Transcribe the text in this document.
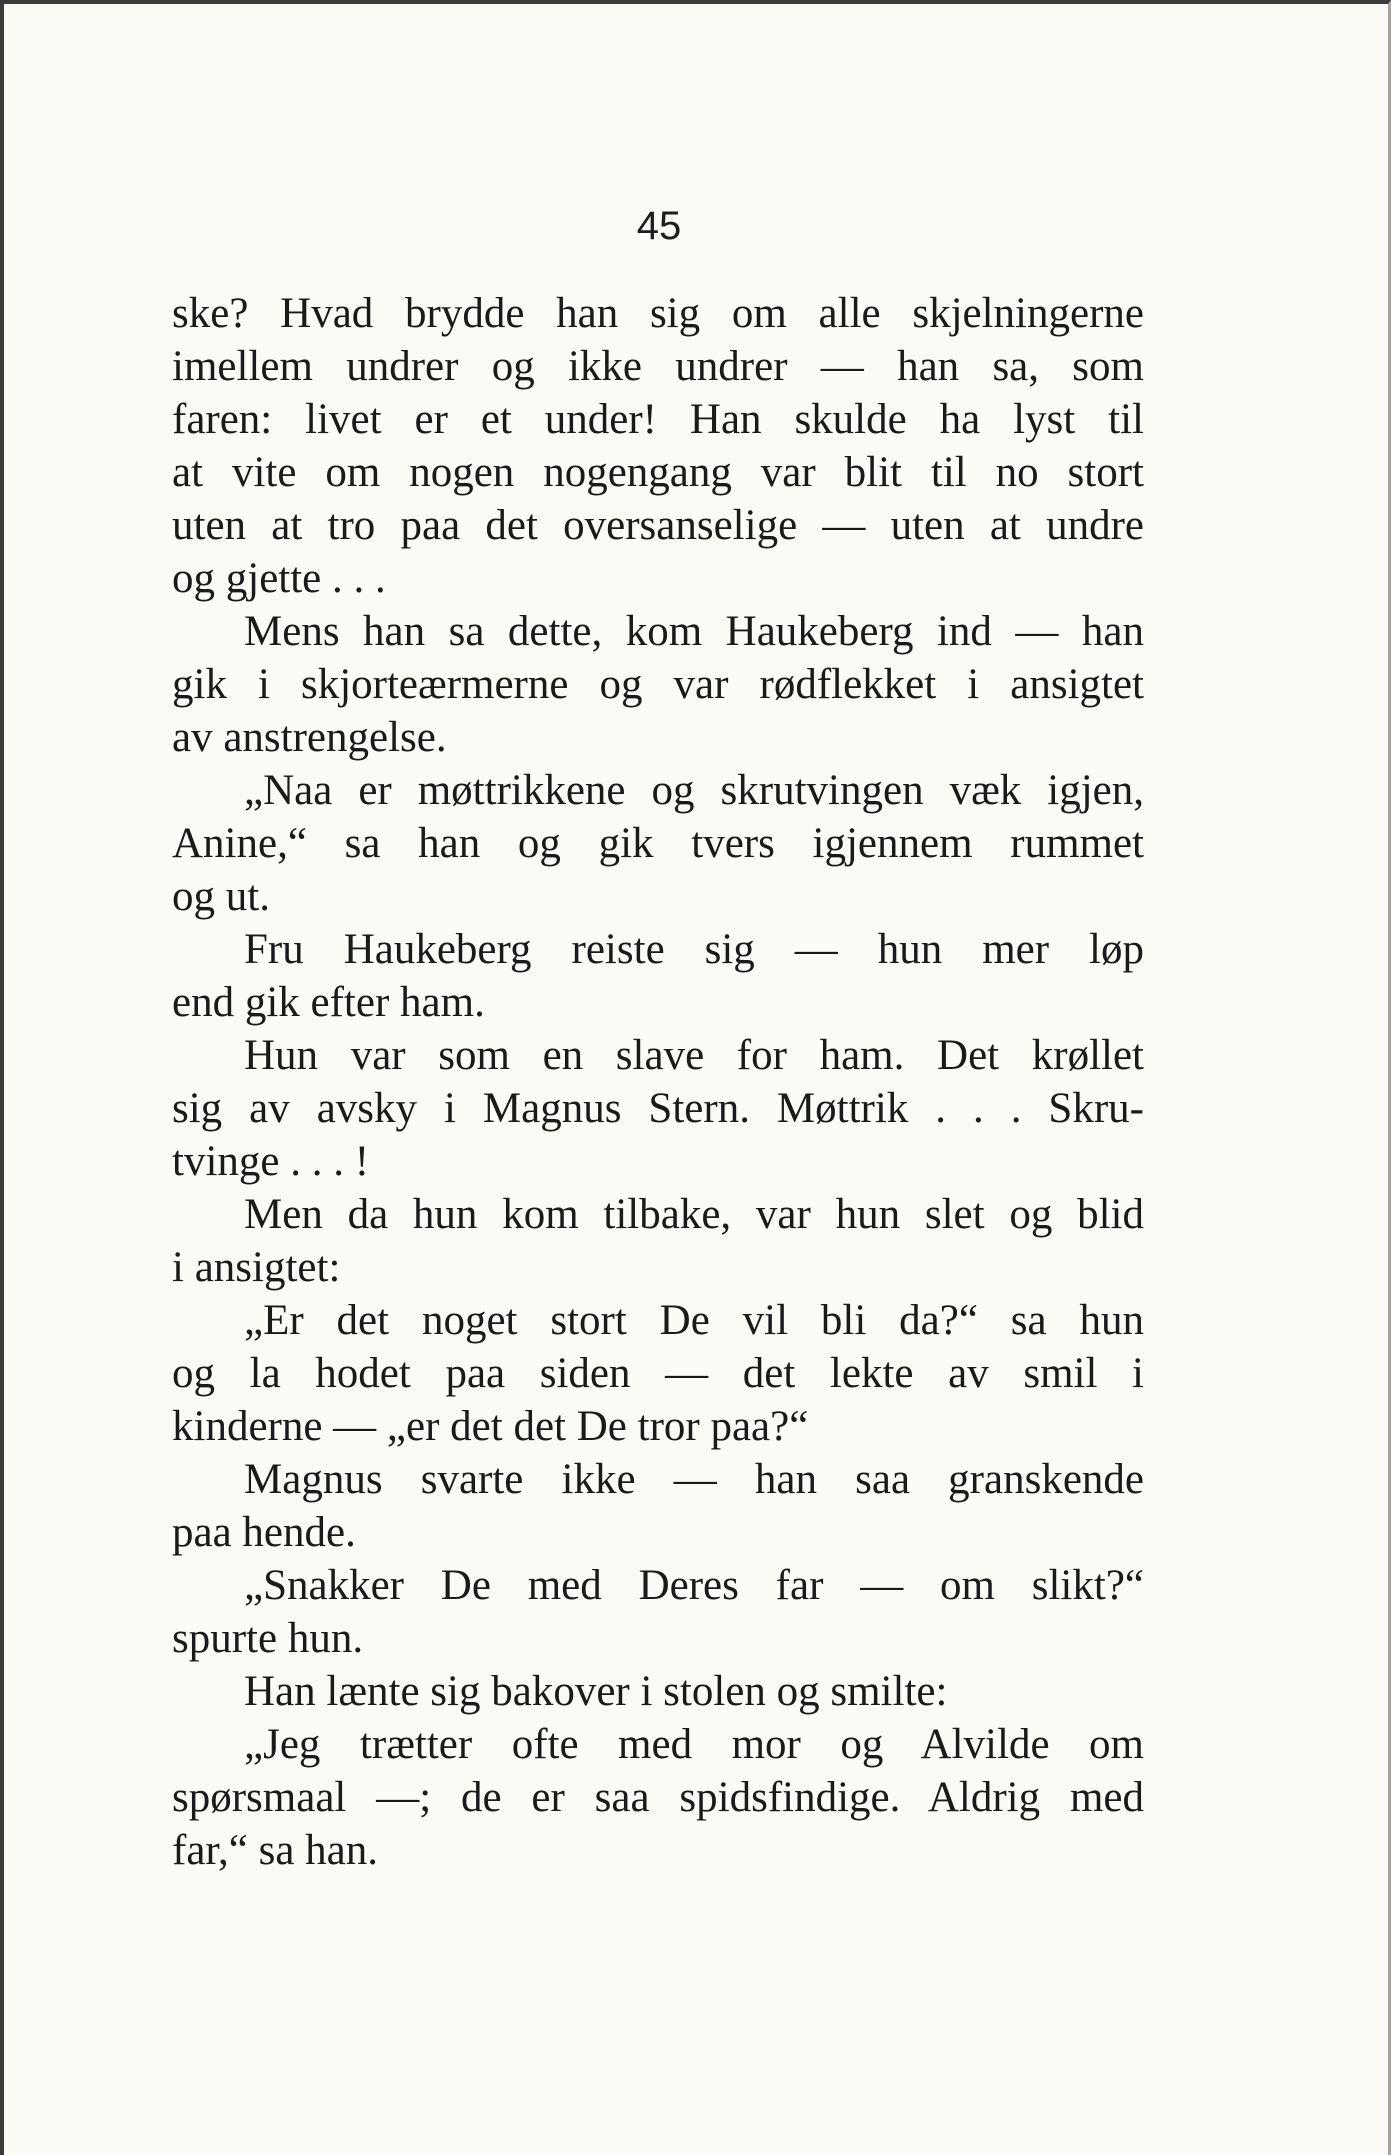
45
ske? Hvad brydde han sig om alle skjelningerne
imellem undrer og ikke undrer — han sa, som
faren: livet er et under! Han skulde ha lyst til
at vite om nogen nogengang var blit til no stort
uten at tro paa det oversanselige — uten at undre
og gjette . . .
Mens han sa dette, kom Haukeberg ind — han
gik i skjorteærmerne og var rødflekket i ansigtet
av anstrengelse.
„Naa er møttrikkene og skrutvingen væk igjen,
Anine,“ sa han og gik tvers igjennem rummet
og ut.
Fru Haukeberg reiste sig — hun mer løp
end gik efter ham.
Hun var som en slave for ham. Det krøllet
sig av avsky i Magnus Stern. Møttrik . . . Skru-
tvinge . . . !
Men da hun kom tilbake, var hun slet og blid
i ansigtet:
„Er det noget stort De vil bli da?“ sa hun
og la hodet paa siden — det lekte av smil i
kinderne — „er det det De tror paa?“
Magnus svarte ikke — han saa granskende
paa hende.
„Snakker De med Deres far — om slikt?“
spurte hun.
Han lænte sig bakover i stolen og smilte:
„Jeg trætter ofte med mor og Alvilde om
spørsmaal —; de er saa spidsfindige. Aldrig med
far,“ sa han.
